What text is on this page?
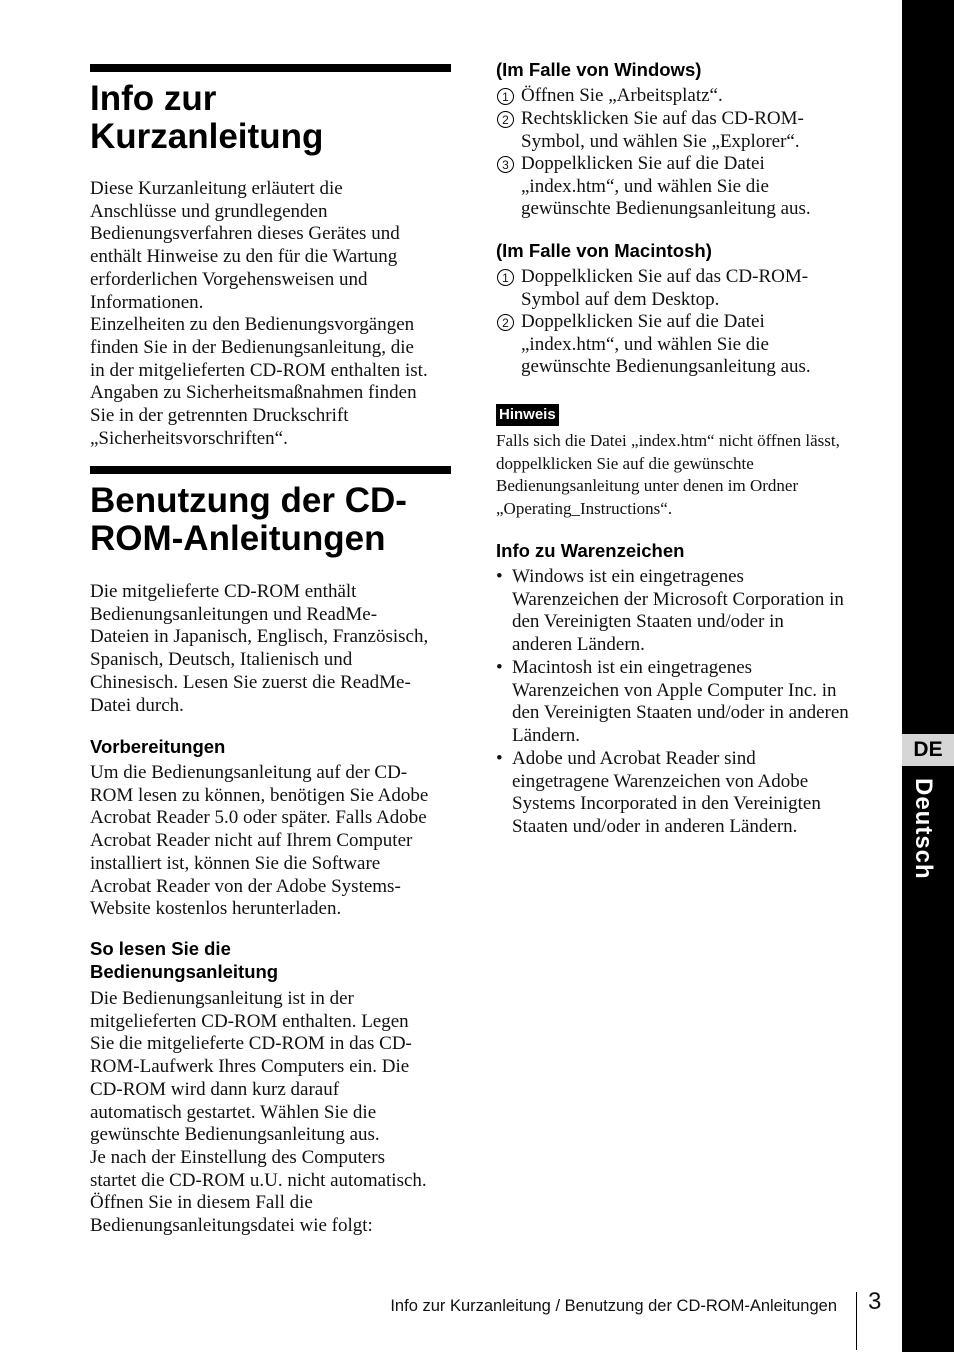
Info zur Kurzanleitung
Diese Kurzanleitung erläutert die
Anschlüsse und grundlegenden
Bedienungsverfahren dieses Gerätes und
enthält Hinweise zu den für die Wartung
erforderlichen Vorgehensweisen und
Informationen.
Einzelheiten zu den Bedienungsvorgängen
finden Sie in der Bedienungsanleitung, die
in der mitgelieferten CD-ROM enthalten ist.
Angaben zu Sicherheitsmaßnahmen finden
Sie in der getrennten Druckschrift
„Sicherheitsvorschriften“.
Benutzung der CD-ROM-Anleitungen
Die mitgelieferte CD-ROM enthält
Bedienungsanleitungen und ReadMe-
Dateien in Japanisch, Englisch, Französisch,
Spanisch, Deutsch, Italienisch und
Chinesisch. Lesen Sie zuerst die ReadMe-
Datei durch.
Vorbereitungen
Um die Bedienungsanleitung auf der CD-
ROM lesen zu können, benötigen Sie Adobe
Acrobat Reader 5.0 oder später. Falls Adobe
Acrobat Reader nicht auf Ihrem Computer
installiert ist, können Sie die Software
Acrobat Reader von der Adobe Systems-
Website kostenlos herunterladen.
So lesen Sie die Bedienungsanleitung
Die Bedienungsanleitung ist in der
mitgelieferten CD-ROM enthalten. Legen
Sie die mitgelieferte CD-ROM in das CD-
ROM-Laufwerk Ihres Computers ein. Die
CD-ROM wird dann kurz darauf
automatisch gestartet. Wählen Sie die
gewünschte Bedienungsanleitung aus.
Je nach der Einstellung des Computers
startet die CD-ROM u.U. nicht automatisch.
Öffnen Sie in diesem Fall die
Bedienungsanleitungsdatei wie folgt:
(Im Falle von Windows)
1 Öffnen Sie „Arbeitsplatz“.
2 Rechtsklicken Sie auf das CD-ROM-Symbol, und wählen Sie „Explorer“.
3 Doppelklicken Sie auf die Datei „index.htm“, und wählen Sie die gewünschte Bedienungsanleitung aus.
(Im Falle von Macintosh)
1 Doppelklicken Sie auf das CD-ROM-Symbol auf dem Desktop.
2 Doppelklicken Sie auf die Datei „index.htm“, und wählen Sie die gewünschte Bedienungsanleitung aus.
Hinweis
Falls sich die Datei „index.htm“ nicht öffnen lässt, doppelklicken Sie auf die gewünschte Bedienungsanleitung unter denen im Ordner „Operating_Instructions“.
Info zu Warenzeichen
• Windows ist ein eingetragenes Warenzeichen der Microsoft Corporation in den Vereinigten Staaten und/oder in anderen Ländern.
• Macintosh ist ein eingetragenes Warenzeichen von Apple Computer Inc. in den Vereinigten Staaten und/oder in anderen Ländern.
• Adobe und Acrobat Reader sind eingetragene Warenzeichen von Adobe Systems Incorporated in den Vereinigten Staaten und/oder in anderen Ländern.
DE
Deutsch
Info zur Kurzanleitung / Benutzung der CD-ROM-Anleitungen 3
